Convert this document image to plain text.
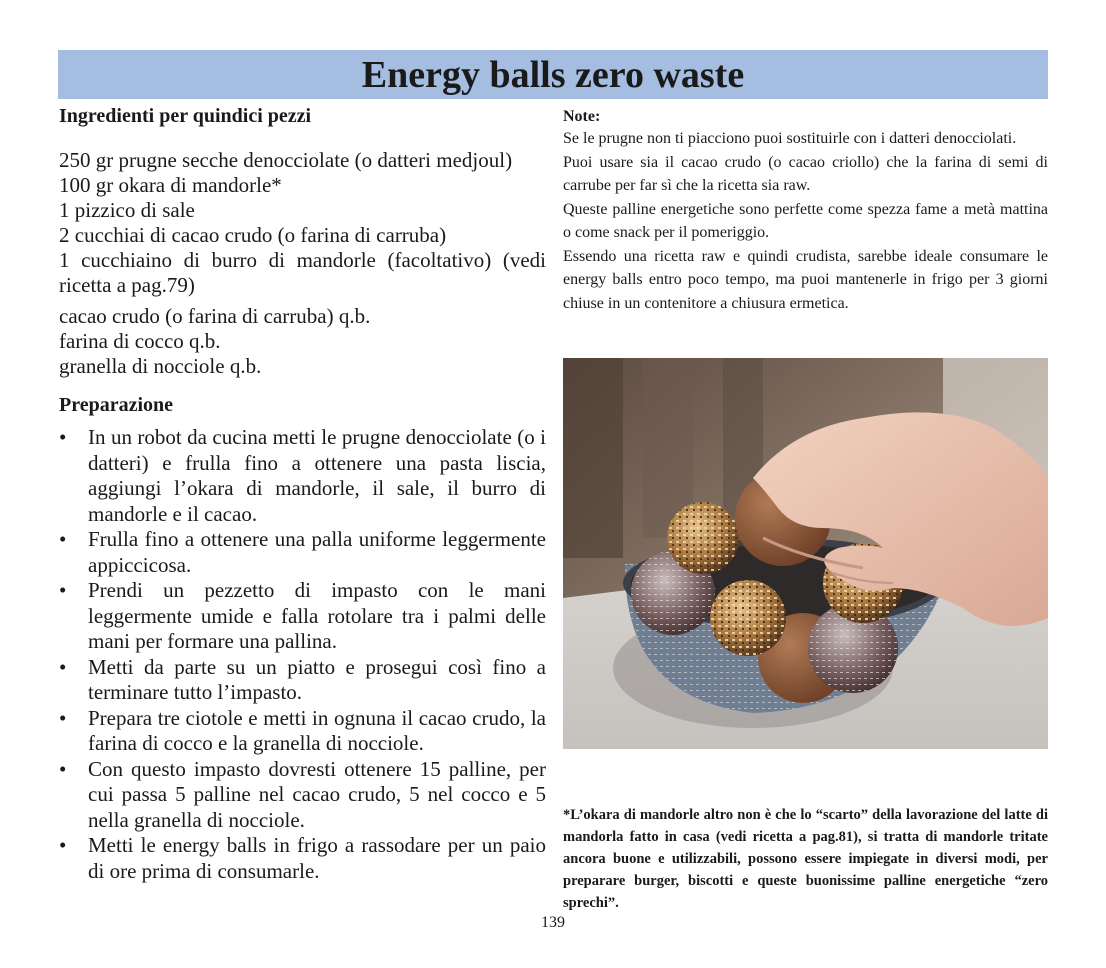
Energy balls zero waste

Ingredienti per quindici pezzi

250 gr prugne secche denocciolate (o datteri medjoul)
100 gr okara di mandorle*
1 pizzico di sale
2 cucchiai di cacao crudo (o farina di carruba)
1 cucchiaino di burro di mandorle (facoltativo) (vedi ricetta a pag.79)
cacao crudo (o farina di carruba) q.b.
farina di cocco q.b.
granella di nocciole q.b.

Preparazione

• In un robot da cucina metti le prugne denocciolate (o i datteri) e frulla fino a ottenere una pasta liscia, aggiungi l’okara di mandorle, il sale, il burro di mandorle e il cacao.
• Frulla fino a ottenere una palla uniforme leggermente appiccicosa.
• Prendi un pezzetto di impasto con le mani leggermente umide e falla rotolare tra i palmi delle mani per formare una pallina.
• Metti da parte su un piatto e prosegui così fino a terminare tutto l’impasto.
• Prepara tre ciotole e metti in ognuna il cacao crudo, la farina di cocco e la granella di nocciole.
• Con questo impasto dovresti ottenere 15 palline, per cui passa 5 palline nel cacao crudo, 5 nel cocco e 5 nella granella di nocciole.
• Metti le energy balls in frigo a rassodare per un paio di ore prima di consumarle.
Note:

Se le prugne non ti piacciono puoi sostituirle con i datteri denocciolati.

Puoi usare sia il cacao crudo (o cacao criollo) che la farina di semi di carrube per far sì che la ricetta sia raw.

Queste palline energetiche sono perfette come spezza fame a metà mattina o come snack per il pomeriggio.

Essendo una ricetta raw e quindi crudista, sarebbe ideale consumare le energy balls entro poco tempo, ma puoi mantenerle in frigo per 3 giorni chiuse in un contenitore a chiusura ermetica.

*L’okara di mandorle altro non è che lo “scarto” della lavorazione del latte di mandorla fatto in casa (vedi ricetta a pag.81), si tratta di mandorle tritate ancora buone e utilizzabili, possono essere impiegate in diversi modi, per preparare burger, biscotti e queste buonissime palline energetiche “zero sprechi”.
139
